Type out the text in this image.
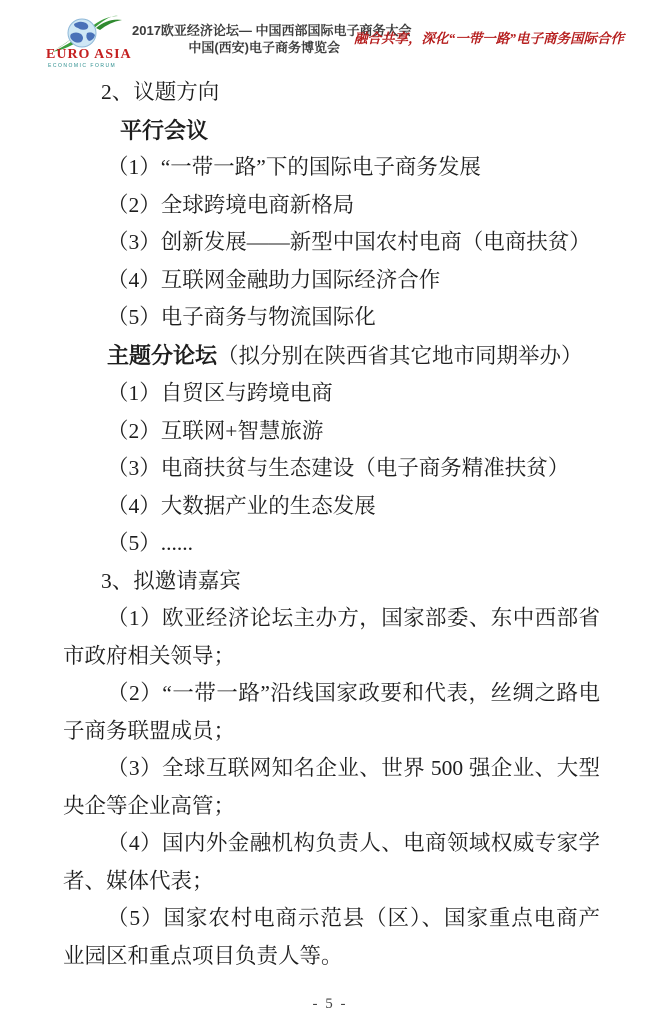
EURO ASIA
ECONOMIC FORUM
2017欧亚经济论坛— 中国西部国际电子商务大会
中国(西安)电子商务博览会
融合共享，深化“一带一路”电子商务国际合作

2、议题方向

平行会议

（1）“一带一路”下的国际电子商务发展

（2）全球跨境电商新格局

（3）创新发展——新型中国农村电商（电商扶贫）

（4）互联网金融助力国际经济合作

（5）电子商务与物流国际化

主题分论坛（拟分别在陕西省其它地市同期举办）

（1）自贸区与跨境电商

（2）互联网+智慧旅游

（3）电商扶贫与生态建设（电子商务精准扶贫）

（4）大数据产业的生态发展

（5）......

3、拟邀请嘉宾

（1）欧亚经济论坛主办方，国家部委、东中西部省市政府相关领导；

（2）“一带一路”沿线国家政要和代表，丝绸之路电子商务联盟成员；

（3）全球互联网知名企业、世界 500 强企业、大型央企等企业高管；

（4）国内外金融机构负责人、电商领域权威专家学者、媒体代表；

（5）国家农村电商示范县（区）、国家重点电商产业园区和重点项目负责人等。

- 5 -
